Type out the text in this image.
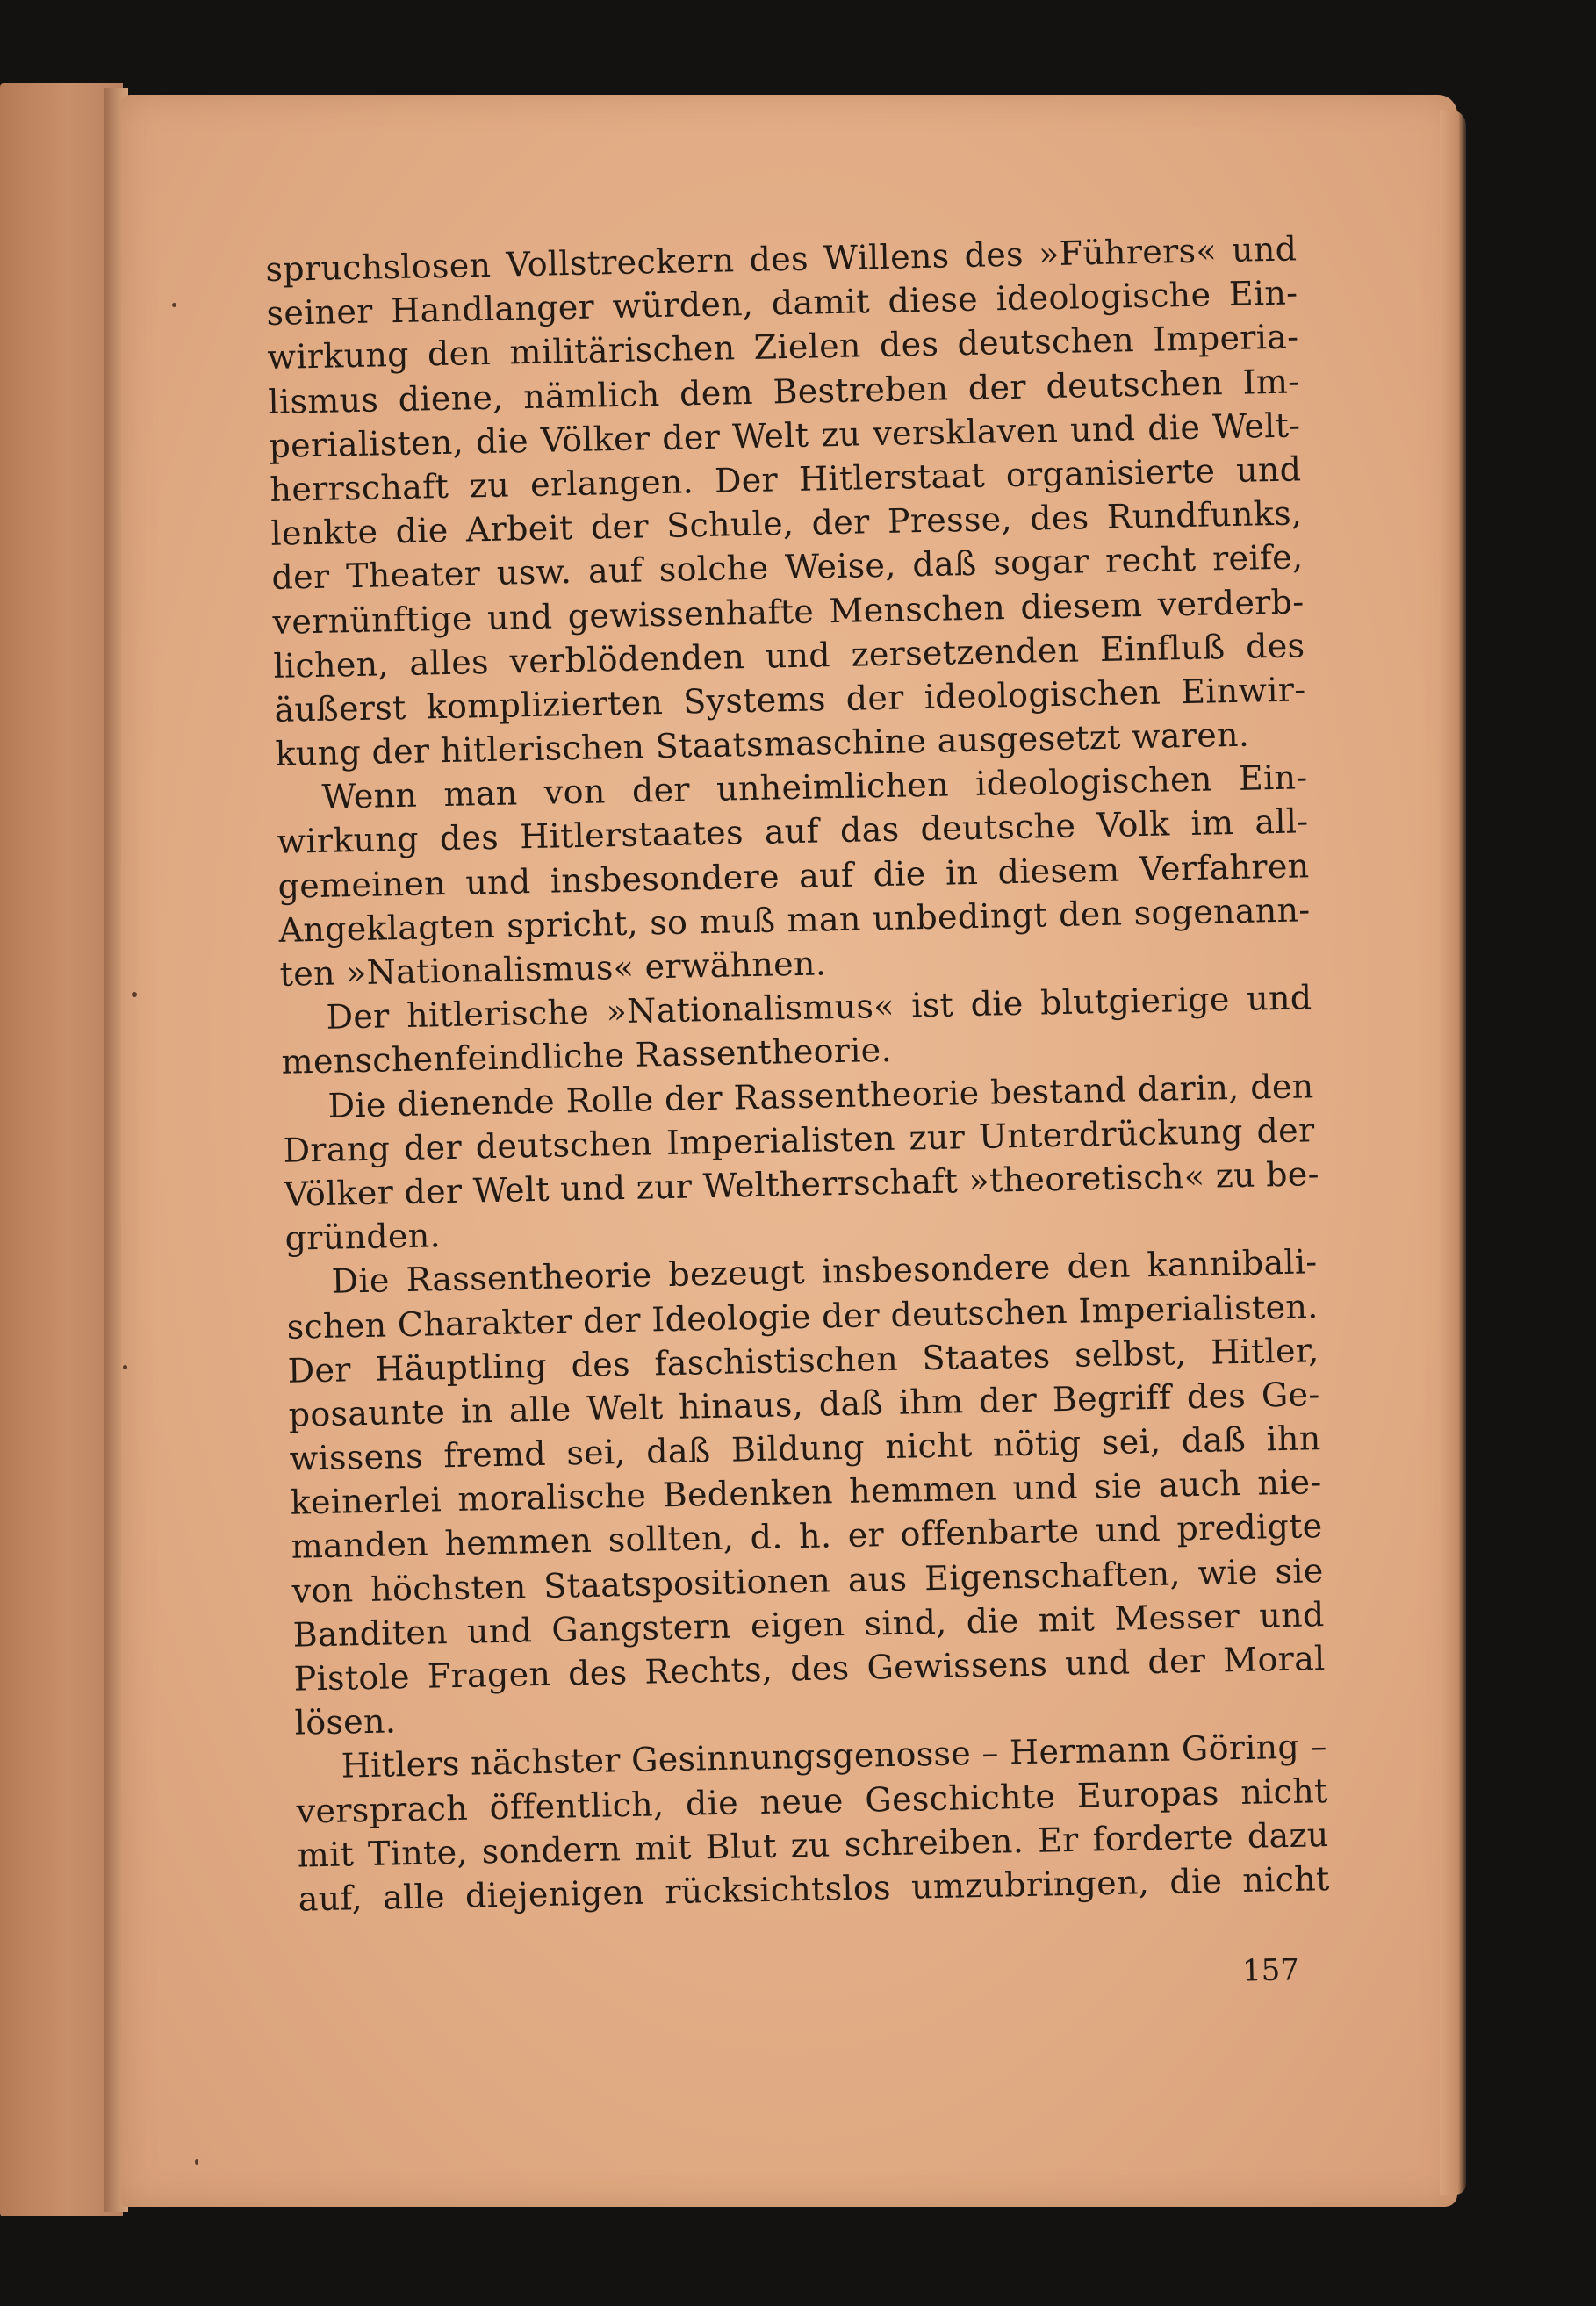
spruchslosen Vollstreckern des Willens des »Führers« und
seiner Handlanger würden, damit diese ideologische Ein-
wirkung den militärischen Zielen des deutschen Imperia-
lismus diene, nämlich dem Bestreben der deutschen Im-
perialisten, die Völker der Welt zu versklaven und die Welt-
herrschaft zu erlangen. Der Hitlerstaat organisierte und
lenkte die Arbeit der Schule, der Presse, des Rundfunks,
der Theater usw. auf solche Weise, daß sogar recht reife,
vernünftige und gewissenhafte Menschen diesem verderb-
lichen, alles verblödenden und zersetzenden Einfluß des
äußerst komplizierten Systems der ideologischen Einwir-
kung der hitlerischen Staatsmaschine ausgesetzt waren.
Wenn man von der unheimlichen ideologischen Ein-
wirkung des Hitlerstaates auf das deutsche Volk im all-
gemeinen und insbesondere auf die in diesem Verfahren
Angeklagten spricht, so muß man unbedingt den sogenann-
ten »Nationalismus« erwähnen.
Der hitlerische »Nationalismus« ist die blutgierige und
menschenfeindliche Rassentheorie.
Die dienende Rolle der Rassentheorie bestand darin, den
Drang der deutschen Imperialisten zur Unterdrückung der
Völker der Welt und zur Weltherrschaft »theoretisch« zu be-
gründen.
Die Rassentheorie bezeugt insbesondere den kannibali-
schen Charakter der Ideologie der deutschen Imperialisten.
Der Häuptling des faschistischen Staates selbst, Hitler,
posaunte in alle Welt hinaus, daß ihm der Begriff des Ge-
wissens fremd sei, daß Bildung nicht nötig sei, daß ihn
keinerlei moralische Bedenken hemmen und sie auch nie-
manden hemmen sollten, d. h. er offenbarte und predigte
von höchsten Staatspositionen aus Eigenschaften, wie sie
Banditen und Gangstern eigen sind, die mit Messer und
Pistole Fragen des Rechts, des Gewissens und der Moral
lösen.
Hitlers nächster Gesinnungsgenosse – Hermann Göring –
versprach öffentlich, die neue Geschichte Europas nicht
mit Tinte, sondern mit Blut zu schreiben. Er forderte dazu
auf, alle diejenigen rücksichtslos umzubringen, die nicht
157
